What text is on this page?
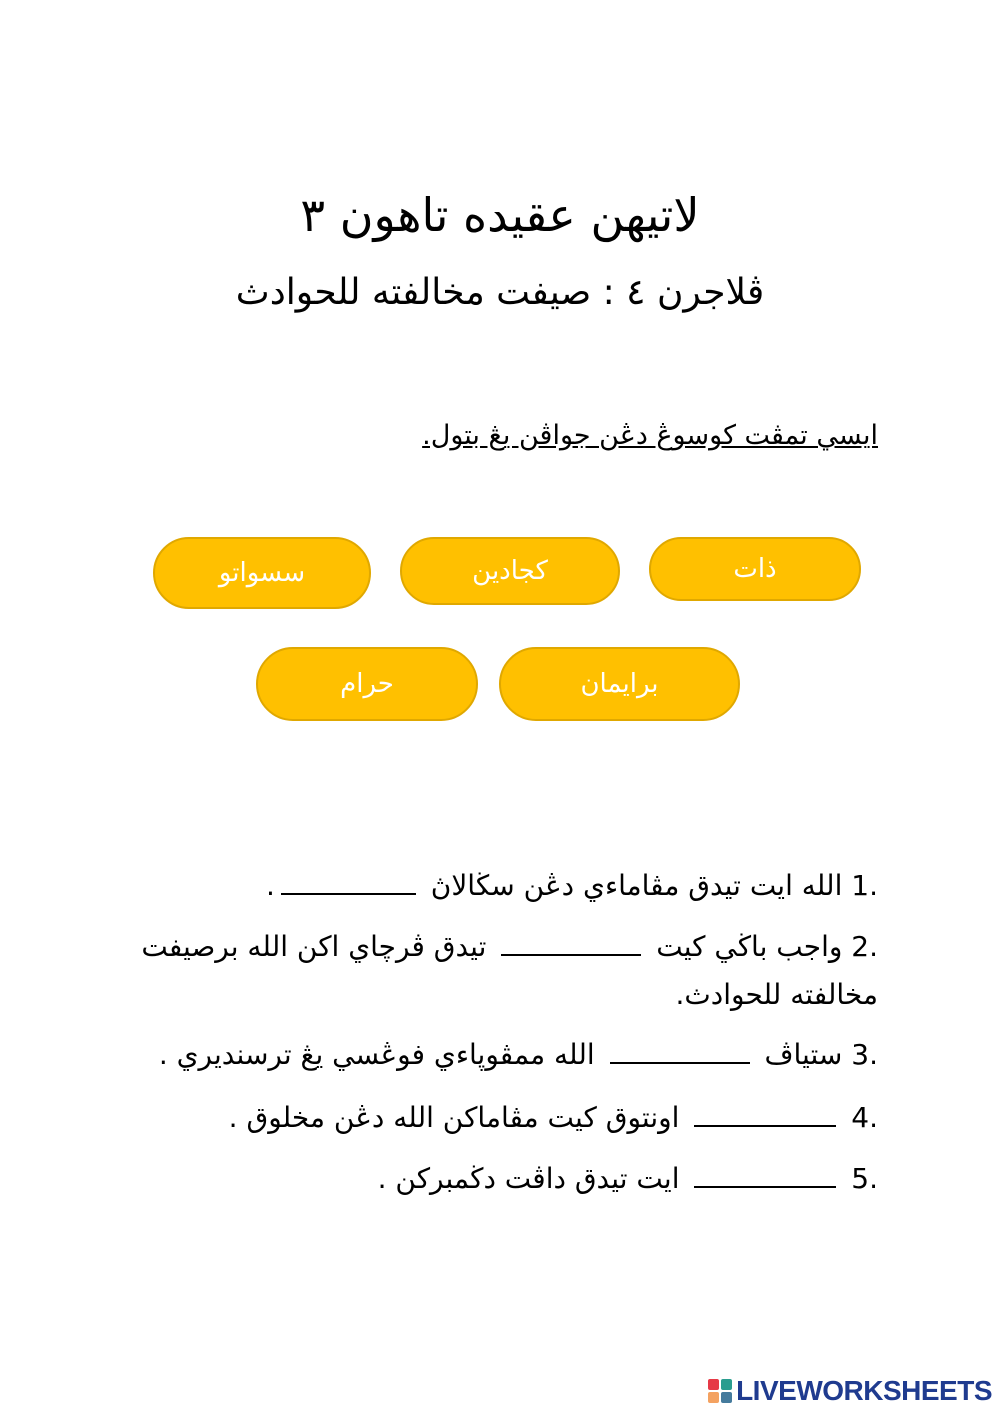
لاتيهن عقيده تاهون ٣
ڤلاجرن ٤ : صيفت مخالفته للحوادث
ايسي تمڤت كوسوڠ دڠن جواڤن يڠ بتول.
ذات
كجادين
سسواتو
برايمان
حرام
1. الله ايت تيدق مڤاماءي دڠن سڬالاڽ .
2. واجب باڬي كيت  تيدق ڤرچاي اكن الله برصيفت مخالفته للحوادث.
3. ستياڤ  الله ممڤوڽاءي فوڠسي يڠ ترسنديري .
4.  اونتوق كيت مڤاماكن الله دڠن مخلوق .
5.  ايت تيدق داڤت دڬمبركن .
LIVEWORKSHEETS
